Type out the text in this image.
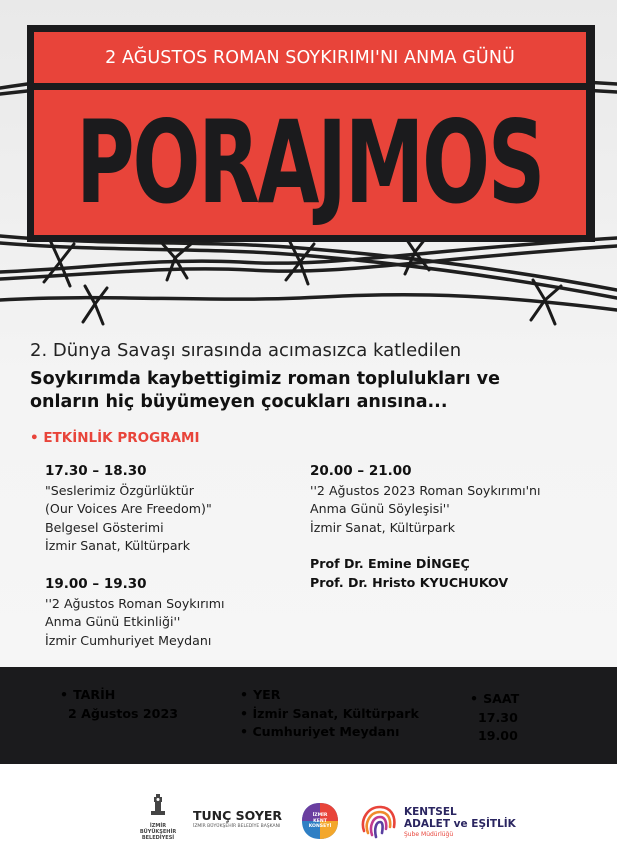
2 AĞUSTOS ROMAN SOYKIRIMI'NI ANMA GÜNÜ
PORAJMOS
2. Dünya Savaşı sırasında acımasızca katledilen
Soykırımda kaybettigimiz roman toplulukları ve
onların hiç büyümeyen çocukları anısına...
• ETKİNLİK PROGRAMI
17.30 – 18.30
"Seslerimiz Özgürlüktür
(Our Voices Are Freedom)"
Belgesel Gösterimi
İzmir Sanat, Kültürpark
19.00 – 19.30
''2 Ağustos Roman Soykırımı
Anma Günü Etkinliği''
İzmir Cumhuriyet Meydanı
20.00 – 21.00
''2 Ağustos 2023 Roman Soykırımı'nı
Anma Günü Söyleşisi''
İzmir Sanat, Kültürpark
Prof Dr. Emine DİNGEÇ
Prof. Dr. Hristo KYUCHUKOV
• TARİH
2 Ağustos 2023
• YER
• İzmir Sanat, Kültürpark
• Cumhuriyet Meydanı
• SAAT
17.30
19.00
İZMİR
BÜYÜKŞEHİR
BELEDİYESİ
TUNÇ SOYER
İZMİR BÜYÜKŞEHİR BELEDİYE BAŞKANI
İZMİR
KENT
KONSEYİ
KENTSEL
ADALET ve EŞİTLİK
Şube Müdürlüğü
